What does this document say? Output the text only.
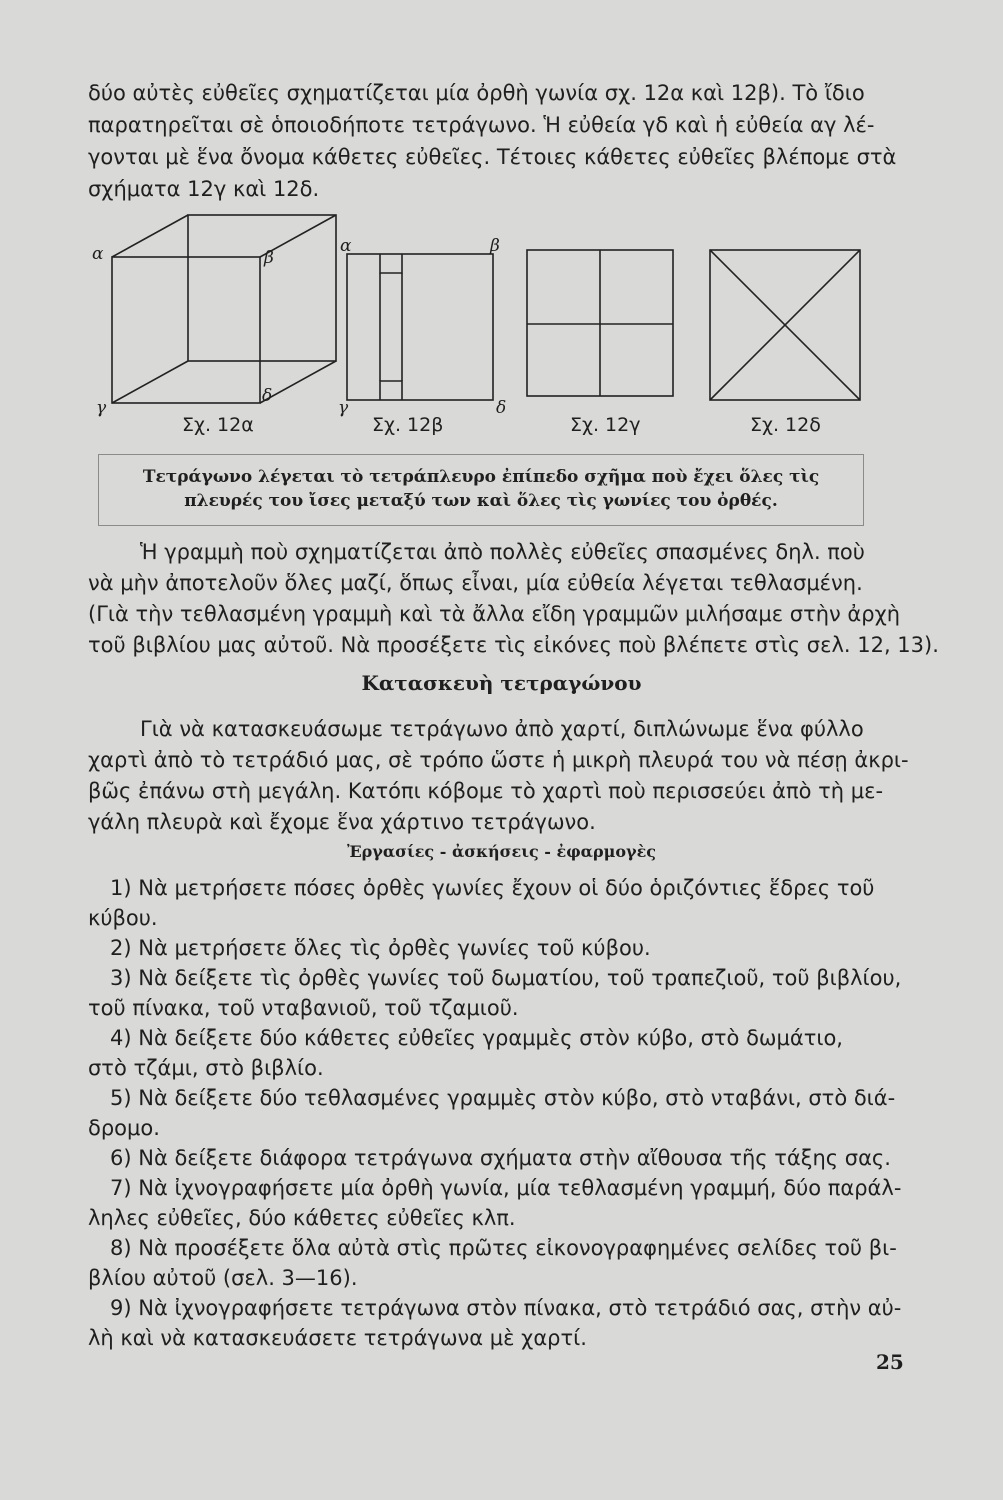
δύο αὐτὲς εὐθεῖες σχηματίζεται μία ὀρθὴ γωνία σχ. 12α καὶ 12β). Τὸ ἴδιο
παρατηρεῖται σὲ ὁποιοδήποτε τετράγωνο. Ἡ εὐθεία γδ καὶ ἡ εὐθεία αγ λέ-
γονται μὲ ἕνα ὄνομα κάθετες εὐθεῖες. Τέτοιες κάθετες εὐθεῖες βλέπομε στὰ
σχήματα 12γ καὶ 12δ.
α	β
γ
δ
α	β
γ	δ
Σχ. 12α	Σχ. 12β	Σχ. 12γ	Σχ. 12δ
Τετράγωνο λέγεται τὸ τετράπλευρο ἐπίπεδο σχῆμα ποὺ ἔχει ὅλες τὶς
πλευρές του ἴσες μεταξύ των καὶ ὅλες τὶς γωνίες του ὀρθές.
Ἡ γραμμὴ ποὺ σχηματίζεται ἀπὸ πολλὲς εὐθεῖες σπασμένες δηλ. ποὺ
νὰ μὴν ἀποτελοῦν ὅλες μαζί, ὅπως εἶναι, μία εὐθεία λέγεται τεθλασμένη.
(Γιὰ τὴν τεθλασμένη γραμμὴ καὶ τὰ ἄλλα εἴδη γραμμῶν μιλήσαμε στὴν ἀρχὴ
τοῦ βιβλίου μας αὐτοῦ. Νὰ προσέξετε τὶς εἰκόνες ποὺ βλέπετε στὶς σελ. 12, 13).
Κατασκευὴ τετραγώνου
Γιὰ νὰ κατασκευάσωμε τετράγωνο ἀπὸ χαρτί, διπλώνωμε ἕνα φύλλο
χαρτὶ ἀπὸ τὸ τετράδιό μας, σὲ τρόπο ὥστε ἡ μικρὴ πλευρά του νὰ πέσῃ ἀκρι-
βῶς ἐπάνω στὴ μεγάλη. Κατόπι κόβομε τὸ χαρτὶ ποὺ περισσεύει ἀπὸ τὴ με-
γάλη πλευρὰ καὶ ἔχομε ἕνα χάρτινο τετράγωνο.
Ἐργασίες - ἀσκήσεις - ἐφαρμογὲς
1) Νὰ μετρήσετε πόσες ὀρθὲς γωνίες ἔχουν οἱ δύο ὁριζόντιες ἕδρες τοῦ
κύβου.
2) Νὰ μετρήσετε ὅλες τὶς ὀρθὲς γωνίες τοῦ κύβου.
3) Νὰ δείξετε τὶς ὀρθὲς γωνίες τοῦ δωματίου, τοῦ τραπεζιοῦ, τοῦ βιβλίου,
τοῦ πίνακα, τοῦ νταβανιοῦ, τοῦ τζαμιοῦ.
4) Νὰ δείξετε δύο κάθετες εὐθεῖες γραμμὲς στὸν κύβο, στὸ δωμάτιο,
στὸ τζάμι, στὸ βιβλίο.
5) Νὰ δείξετε δύο τεθλασμένες γραμμὲς στὸν κύβο, στὸ νταβάνι, στὸ διά-
δρομο.
6) Νὰ δείξετε διάφορα τετράγωνα σχήματα στὴν αἴθουσα τῆς τάξης σας.
7) Νὰ ἰχνογραφήσετε μία ὀρθὴ γωνία, μία τεθλασμένη γραμμή, δύο παράλ-
ληλες εὐθεῖες, δύο κάθετες εὐθεῖες κλπ.
8) Νὰ προσέξετε ὅλα αὐτὰ στὶς πρῶτες εἰκονογραφημένες σελίδες τοῦ βι-
βλίου αὐτοῦ (σελ. 3—16).
9) Νὰ ἰχνογραφήσετε τετράγωνα στὸν πίνακα, στὸ τετράδιό σας, στὴν αὐ-
λὴ καὶ νὰ κατασκευάσετε τετράγωνα μὲ χαρτί.
25
